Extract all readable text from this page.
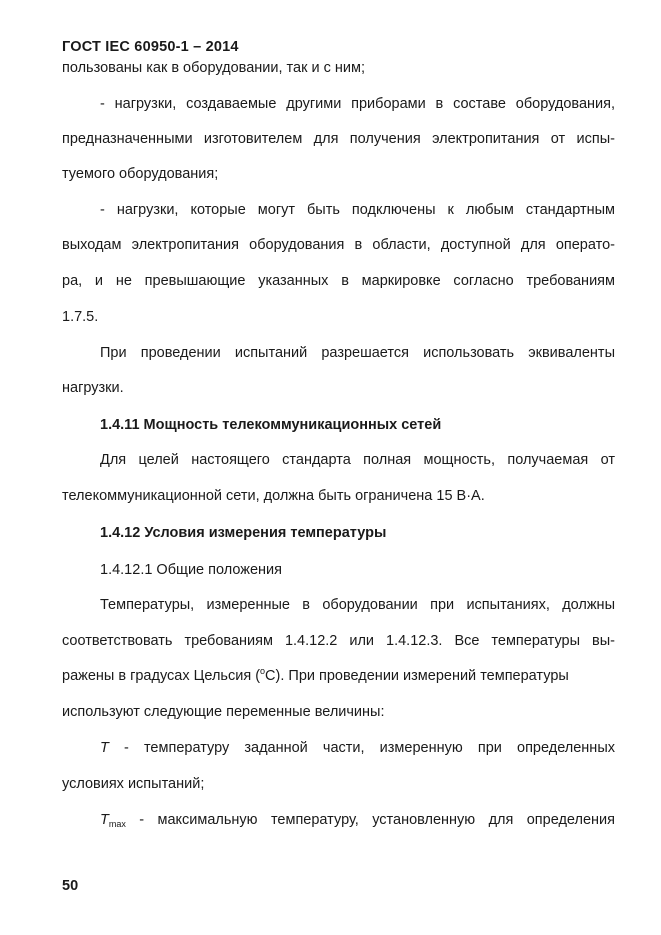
ГОСТ IEC 60950-1 – 2014
пользованы как в оборудовании, так и с ним;
- нагрузки, создаваемые другими приборами в составе оборудования,
предназначенными изготовителем для получения электропитания от испы-
туемого оборудования;
- нагрузки, которые могут быть подключены к любым стандартным
выходам электропитания оборудования в области, доступной для операто-
ра, и не превышающие указанных в маркировке согласно требованиям
1.7.5.
При проведении испытаний разрешается использовать эквиваленты
нагрузки.
1.4.11 Мощность телекоммуникационных сетей
Для целей настоящего стандарта полная мощность, получаемая от
телекоммуникационной сети, должна быть ограничена 15 В·А.
1.4.12 Условия измерения температуры
1.4.12.1 Общие положения
Температуры, измеренные в оборудовании при испытаниях, должны
соответствовать требованиям 1.4.12.2 или 1.4.12.3. Все температуры вы-
ражены в градусах Цельсия ($^о$С). При проведении измерений температуры
используют следующие переменные величины:
T - температуру заданной части, измеренную при определенных
условиях испытаний;
$T_{max}$ - максимальную температуру, установленную для определения
50
